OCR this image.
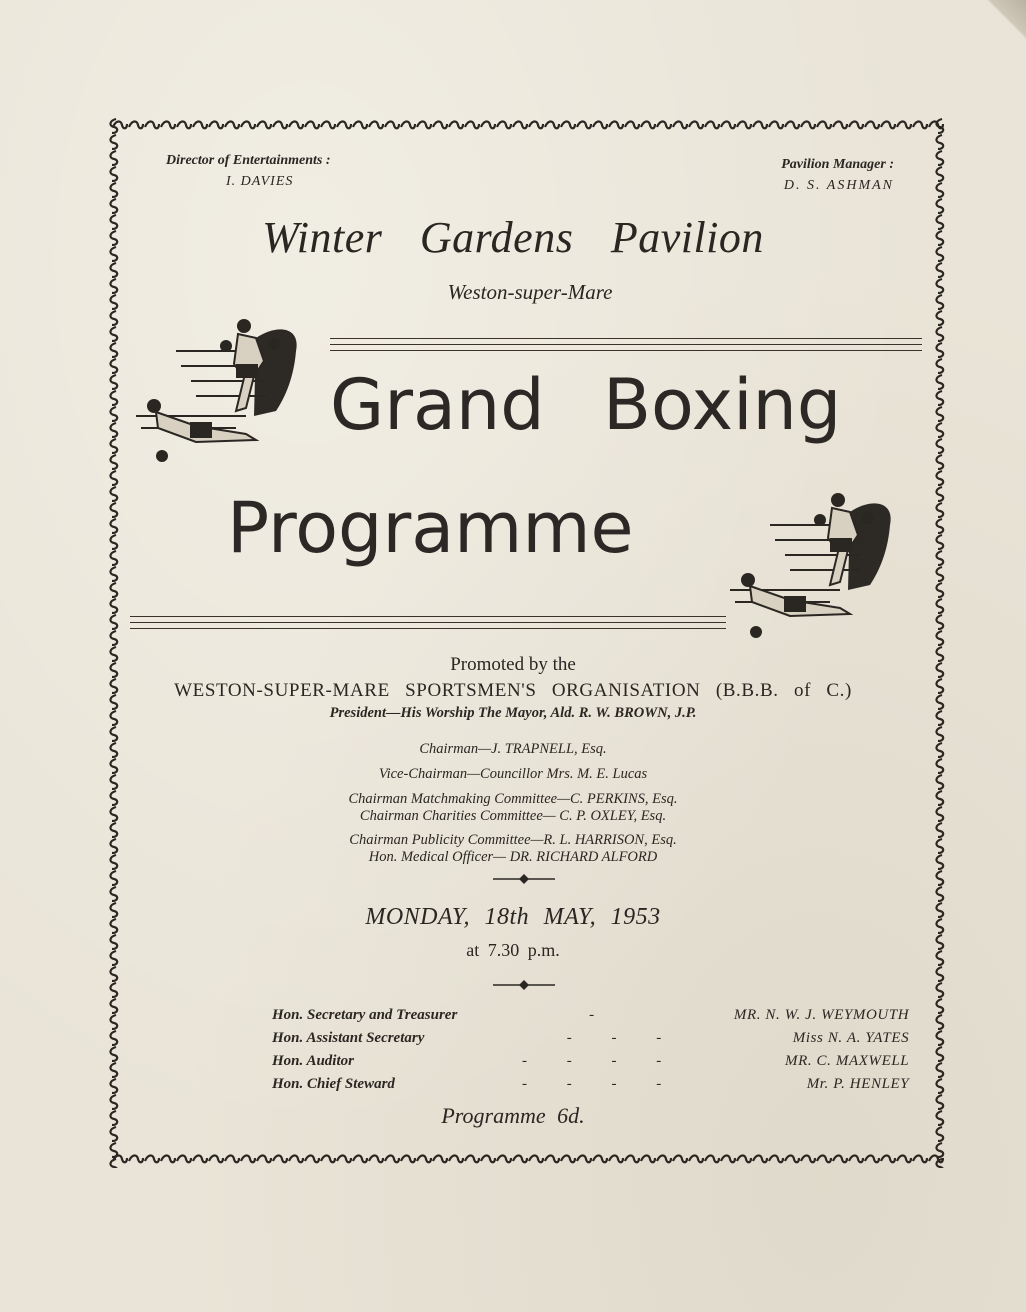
Director of Entertainments :
I. DAVIES
Pavilion Manager :
D. S. ASHMAN
Winter Gardens Pavilion
Weston-super-Mare
Grand Boxing
Programme
Promoted by the
WESTON-SUPER-MARE SPORTSMEN'S ORGANISATION (B.B.B. of C.)
President—His Worship The Mayor, Ald. R. W. BROWN, J.P.
Chairman—J. TRAPNELL, Esq.
Vice-Chairman—Councillor Mrs. M. E. Lucas
Chairman Matchmaking Committee—C. PERKINS, Esq.
Chairman Charities Committee— C. P. OXLEY, Esq.
Chairman Publicity Committee—R. L. HARRISON, Esq.
Hon. Medical Officer— DR. RICHARD ALFORD
MONDAY, 18th MAY, 1953
at 7.30 p.m.
Hon. Secretary and Treasurer	-	MR. N. W. J. WEYMOUTH
Hon. Assistant Secretary	- - -	Miss N. A. YATES
Hon. Auditor	- - - -	MR. C. MAXWELL
Hon. Chief Steward	- - - -	Mr. P. HENLEY
Programme 6d.
